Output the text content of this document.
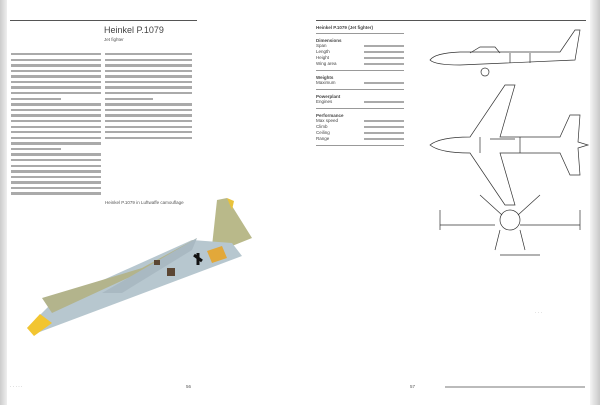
Heinkel P.1079
Jet fighter
Heinkel P.1079 in Luftwaffe camouflage
· · · · ·	56
Heinkel P.1079 (Jet fighter)
Dimensions
Span
Length
Height
Wing area
Weights
Maximum
Powerplant
Engines
Performance
Max speed
Climb
Ceiling
Range
· · ·
57
